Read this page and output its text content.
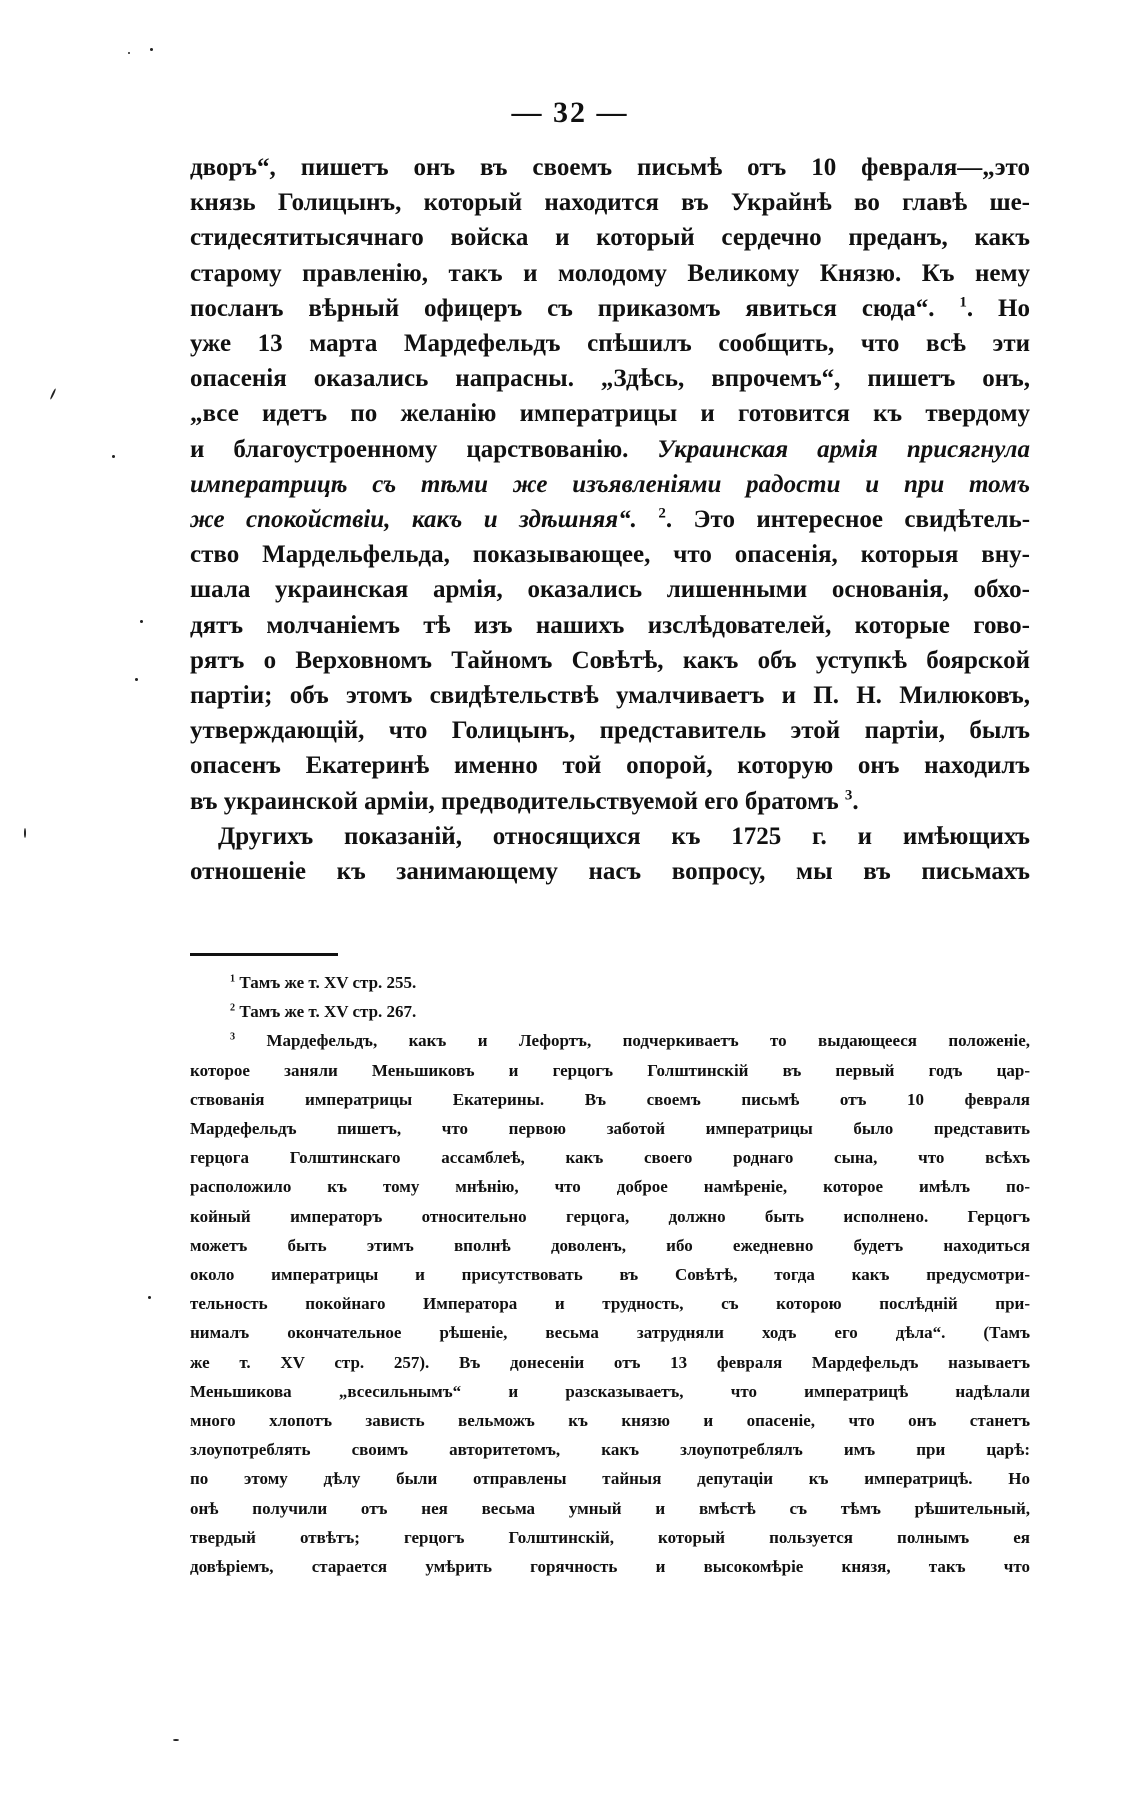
— 32 —
дворъ“, пишетъ онъ въ своемъ письмѣ отъ 10 февраля—„это
князь Голицынъ, который находится въ Украйнѣ во главѣ ше-
стидесятитысячнаго войска и который сердечно преданъ, какъ
старому правленію, такъ и молодому Великому Князю. Къ нему
посланъ вѣрный офицеръ съ приказомъ явиться сюда“. $^1$. Но
уже 13 марта Мардефельдъ спѣшилъ сообщить, что всѣ эти
опасенія оказались напрасны. „Здѣсь, впрочемъ“, пишетъ онъ,
„все идетъ по желанію императрицы и готовится къ твердому
и благоустроенному царствованію. Украинская армія присягнула
императрицѣ съ тѣми же изъявленіями радости и при томъ
же спокойствіи, какъ и здѣшняя“. $^2$. Это интересное свидѣтель-
ство Мардельфельда, показывающее, что опасенія, которыя вну-
шала украинская армія, оказались лишенными основанія, обхо-
дятъ молчаніемъ тѣ изъ нашихъ изслѣдователей, которые гово-
рятъ о Верховномъ Тайномъ Совѣтѣ, какъ объ уступкѣ боярской
партіи; объ этомъ свидѣтельствѣ умалчиваетъ и П. Н. Милюковъ,
утверждающій, что Голицынъ, представитель этой партіи, былъ
опасенъ Екатеринѣ именно той опорой, которую онъ находилъ
въ украинской арміи, предводительствуемой его братомъ $^3$.
Другихъ показаній, относящихся къ 1725 г. и имѣющихъ
отношеніе къ занимающему насъ вопросу, мы въ письмахъ
$^1$ Тамъ же т. XV стр. 255.
$^2$ Тамъ же т. XV стр. 267.
$^3$ Мардефельдъ, какъ и Лефортъ, подчеркиваетъ то выдающееся положеніе,
которое заняли Меньшиковъ и герцогъ Голштинскій въ первый годъ цар-
ствованія императрицы Екатерины. Въ своемъ письмѣ отъ 10 февраля
Мардефельдъ пишетъ, что первою заботой императрицы было представить
герцога Голштинскаго ассамблеѣ, какъ своего роднаго сына, что всѣхъ
расположило къ тому мнѣнію, что доброе намѣреніе, которое имѣлъ по-
койный императоръ относительно герцога, должно быть исполнено. Герцогъ
можетъ быть этимъ вполнѣ доволенъ, ибо ежедневно будетъ находиться
около императрицы и присутствовать въ Совѣтѣ, тогда какъ предусмотри-
тельность покойнаго Императора и трудность, съ которою послѣдній при-
нималъ окончательное рѣшеніе, весьма затрудняли ходъ его дѣла“. (Тамъ
же т. XV стр. 257). Въ донесеніи отъ 13 февраля Мардефельдъ называетъ
Меньшикова „всесильнымъ“ и разсказываетъ, что императрицѣ надѣлали
много хлопотъ зависть вельможъ къ князю и опасеніе, что онъ станетъ
злоупотреблять своимъ авторитетомъ, какъ злоупотреблялъ имъ при царѣ:
по этому дѣлу были отправлены тайныя депутаціи къ императрицѣ. Но
онѣ получили отъ нея весьма умный и вмѣстѣ съ тѣмъ рѣшительный,
твердый отвѣтъ; герцогъ Голштинскій, который пользуется полнымъ ея
довѣріемъ, старается умѣрить горячность и высокомѣріе князя, такъ что
